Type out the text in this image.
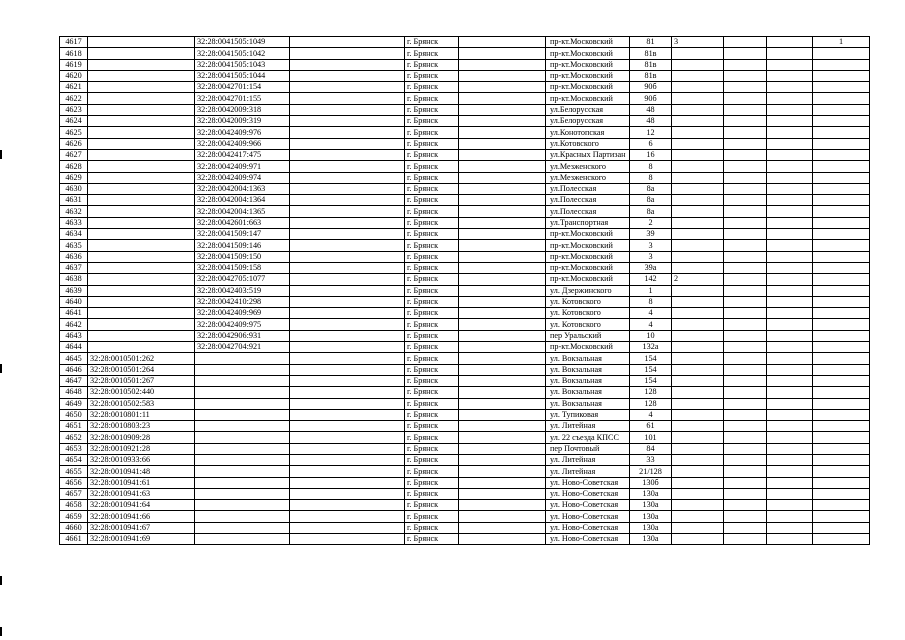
4617		32:28:0041505:1049		г. Брянск		пр-кт.Московский	81	3			1
4618		32:28:0041505:1042		г. Брянск		пр-кт.Московский	81в				
4619		32:28:0041505:1043		г. Брянск		пр-кт.Московский	81в				
4620		32:28:0041505:1044		г. Брянск		пр-кт.Московский	81в				
4621		32:28:0042701:154		г. Брянск		пр-кт.Московский	90б				
4622		32:28:0042701:155		г. Брянск		пр-кт.Московский	90б				
4623		32:28:0042009:318		г. Брянск		ул.Белорусская	48				
4624		32:28:0042009:319		г. Брянск		ул.Белорусская	48				
4625		32:28:0042409:976		г. Брянск		ул.Конотопская	12				
4626		32:28:0042409:966		г. Брянск		ул.Котовского	6				
4627		32:28:0042417:475		г. Брянск		ул.Красных Партизан	16				
4628		32:28:0042409:971		г. Брянск		ул.Мезженского	8				
4629		32:28:0042409:974		г. Брянск		ул.Мезженского	8				
4630		32:28:0042004:1363		г. Брянск		ул.Полесская	8а				
4631		32:28:0042004:1364		г. Брянск		ул.Полесская	8а				
4632		32:28:0042004:1365		г. Брянск		ул.Полесская	8а				
4633		32:28:0042601:663		г. Брянск		ул.Транспортная	2				
4634		32:28:0041509:147		г. Брянск		пр-кт.Московский	39				
4635		32:28:0041509:146		г. Брянск		пр-кт.Московский	3				
4636		32:28:0041509:150		г. Брянск		пр-кт.Московский	3				
4637		32:28:0041509:158		г. Брянск		пр-кт.Московский	39а				
4638		32:28:0042705:1077		г. Брянск		пр-кт.Московский	142	2			
4639		32:28:0042403:519		г. Брянск		ул. Дзержинского	1				
4640		32:28:0042410:298		г. Брянск		ул. Котовского	8				
4641		32:28:0042409:969		г. Брянск		ул. Котовского	4				
4642		32:28:0042409:975		г. Брянск		ул. Котовского	4				
4643		32:28:0042906:931		г. Брянск		пер Уральский	10				
4644		32:28:0042704:921		г. Брянск		пр-кт.Московский	132а				
4645	32:28:0010501:262			г. Брянск		ул. Вокзальная	154				
4646	32:28:0010501:264			г. Брянск		ул. Вокзальная	154				
4647	32:28:0010501:267			г. Брянск		ул. Вокзальная	154				
4648	32:28:0010502:440			г. Брянск		ул. Вокзальная	128				
4649	32:28:0010502:583			г. Брянск		ул. Вокзальная	128				
4650	32:28:0010801:11			г. Брянск		ул. Тупиковая	4				
4651	32:28:0010803:23			г. Брянск		ул. Литейная	61				
4652	32:28:0010909:28			г. Брянск		ул. 22 съезда КПСС	101				
4653	32:28:0010921:28			г. Брянск		пер Почтовый	84				
4654	32:28:0010933:66			г. Брянск		ул. Литейная	33				
4655	32:28:0010941:48			г. Брянск		ул. Литейная	21/128				
4656	32:28:0010941:61			г. Брянск		ул. Ново-Советская	130б				
4657	32:28:0010941:63			г. Брянск		ул. Ново-Советская	130а				
4658	32:28:0010941:64			г. Брянск		ул. Ново-Советская	130а				
4659	32:28:0010941:66			г. Брянск		ул. Ново-Советская	130а				
4660	32:28:0010941:67			г. Брянск		ул. Ново-Советская	130а				
4661	32:28:0010941:69			г. Брянск		ул. Ново-Советская	130а				
